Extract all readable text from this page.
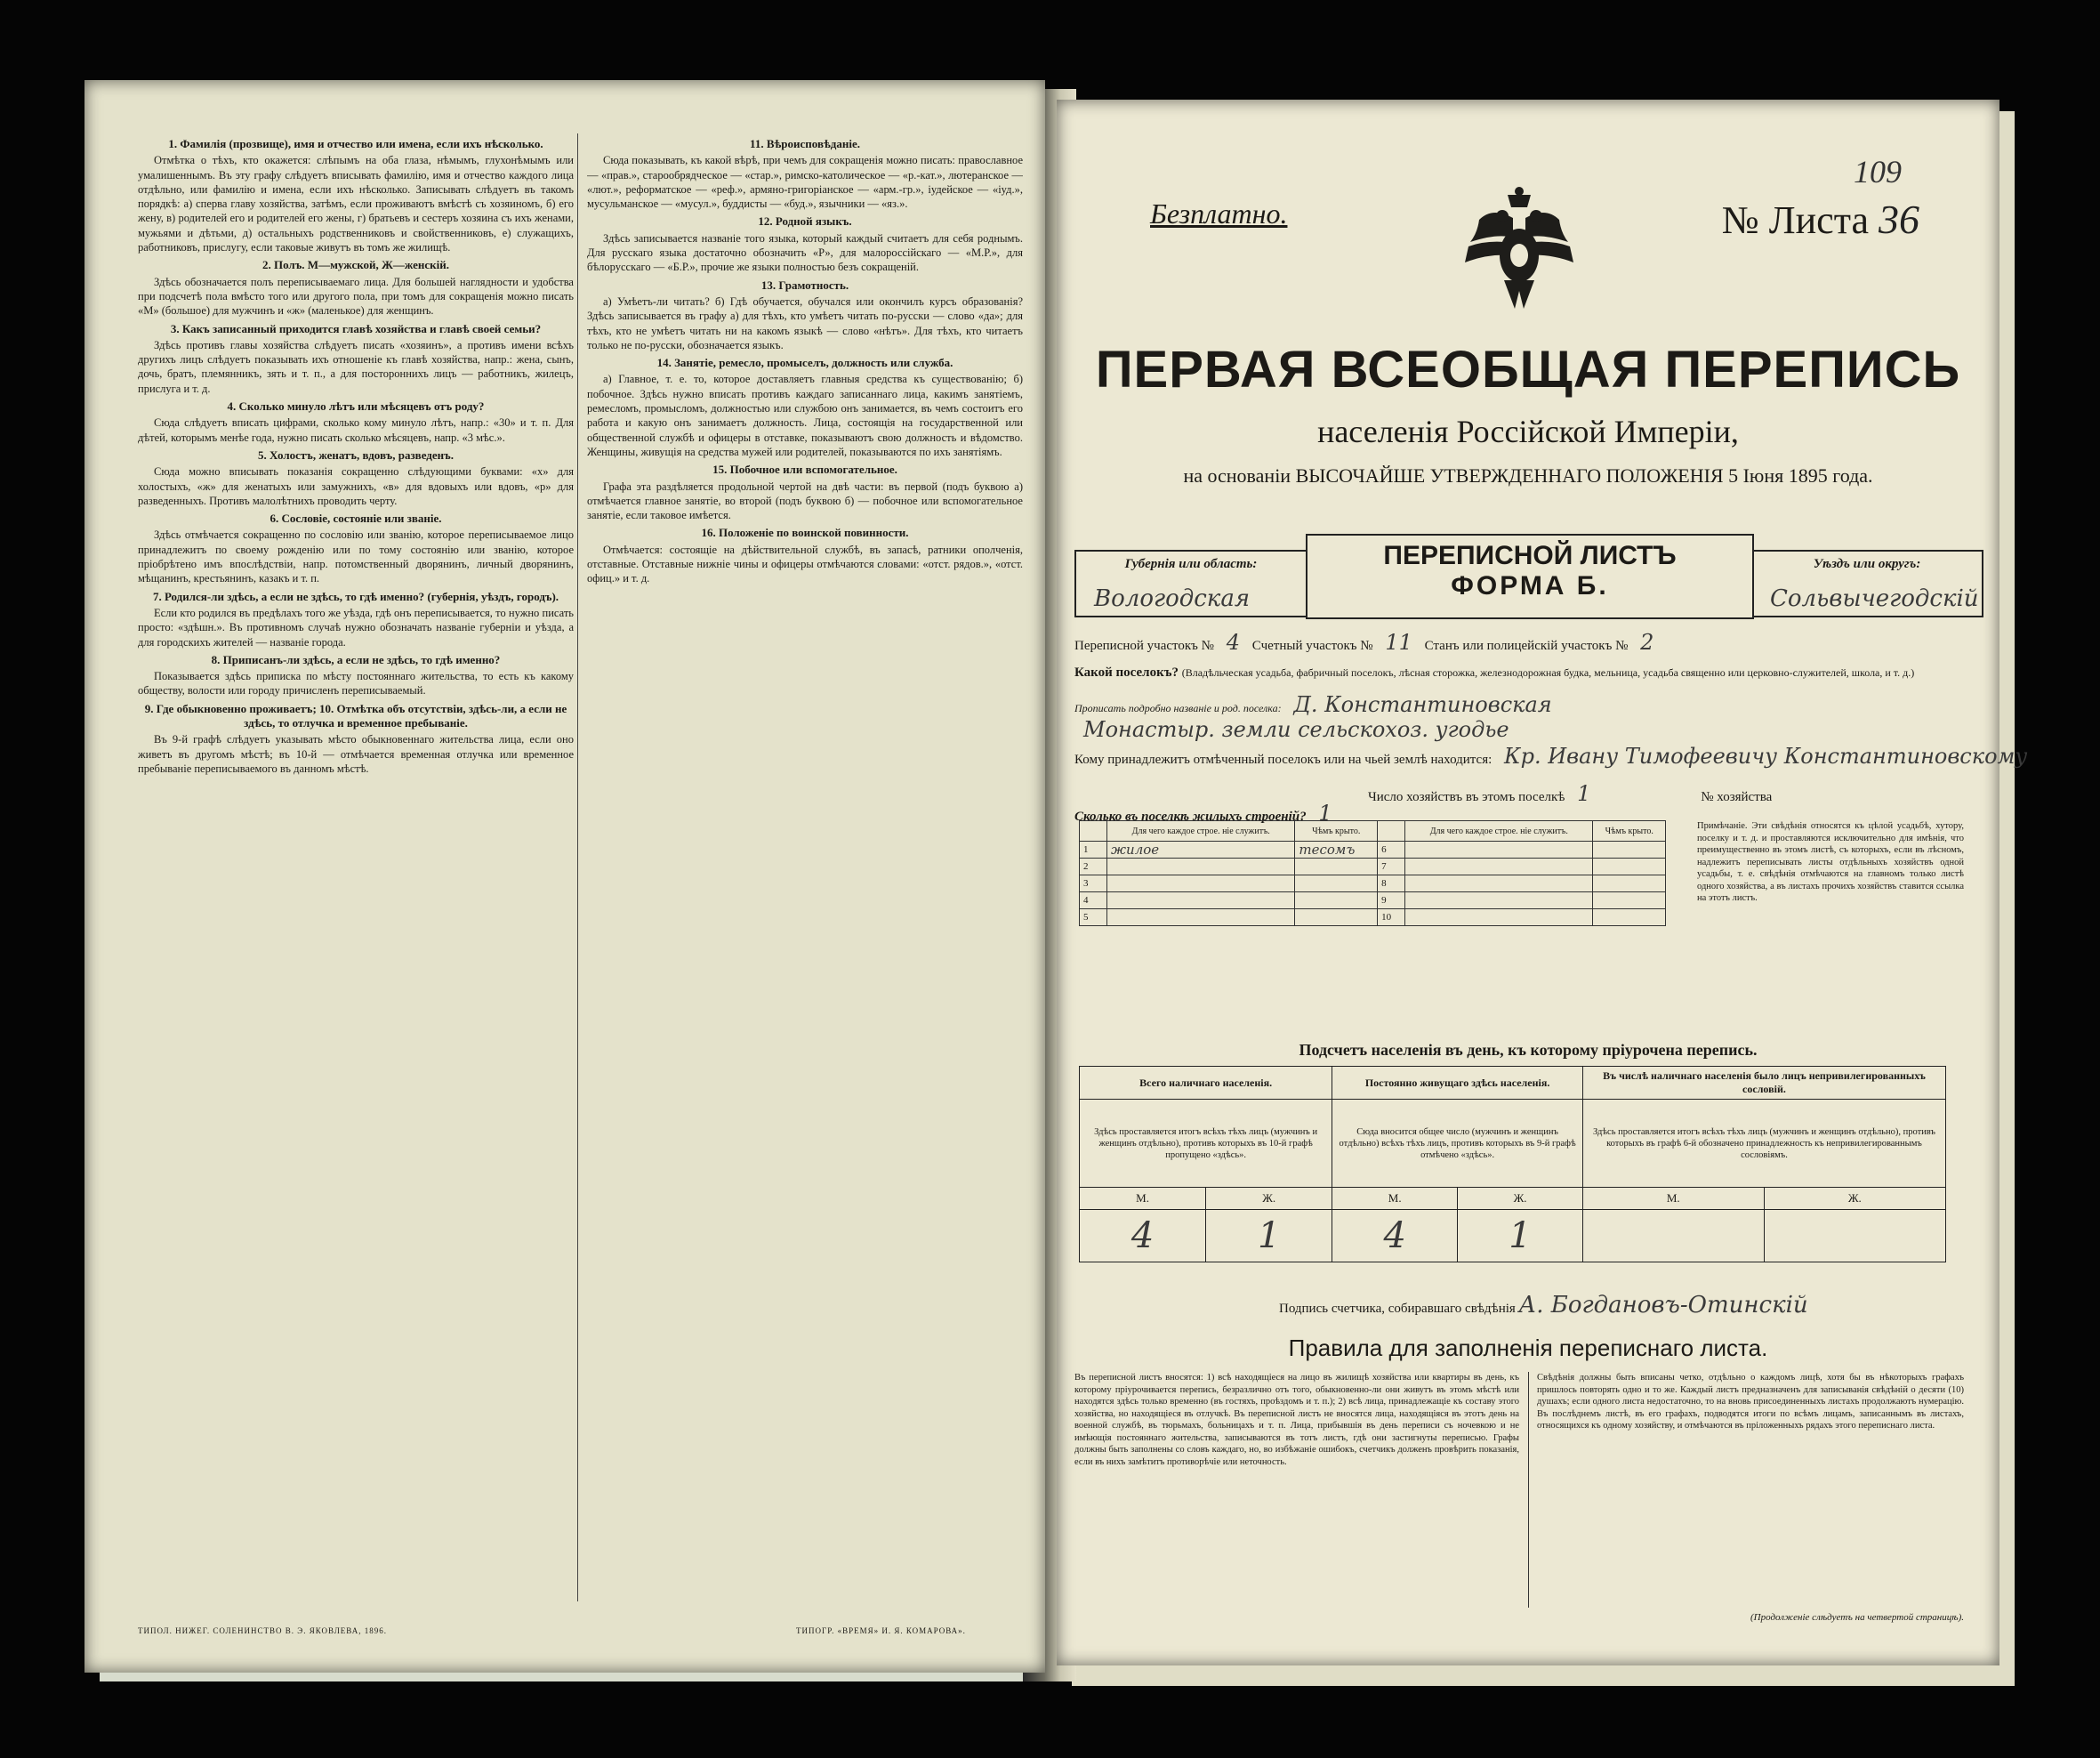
1. Фамилія (прозвище), имя и отчество или имена, если ихъ нѣсколько.

Отмѣтка о тѣхъ, кто окажется: слѣпымъ на оба глаза, нѣмымъ, глухонѣмымъ или умалишеннымъ. Въ эту графу слѣдуетъ вписывать фамилію, имя и отчество каждого лица отдѣльно, или фамилію и имена, если ихъ нѣсколько. Записывать слѣдуетъ въ такомъ порядкѣ: а) сперва главу хозяйства, затѣмъ, если проживаютъ вмѣстѣ съ хозяиномъ, б) его жену, в) родителей его и родителей его жены, г) братьевъ и сестеръ хозяина съ ихъ женами, мужьями и дѣтьми, д) остальныхъ родственниковъ и свойственниковъ, е) служащихъ, работниковъ, прислугу, если таковые живутъ въ томъ же жилищѣ.

2. Полъ. М—мужской, Ж—женскій.

Здѣсь обозначается полъ переписываемаго лица. Для большей наглядности и удобства при подсчетѣ пола вмѣсто того или другого пола, при томъ для сокращенія можно писать «М» (большое) для мужчинъ и «ж» (маленькое) для женщинъ.

3. Какъ записанный приходится главѣ хозяйства и главѣ своей семьи?

Здѣсь противъ главы хозяйства слѣдуетъ писать «хозяинъ», а противъ имени всѣхъ другихъ лицъ слѣдуетъ показывать ихъ отношеніе къ главѣ хозяйства, напр.: жена, сынъ, дочь, братъ, племянникъ, зять и т. п., а для постороннихъ лицъ — работникъ, жилецъ, прислуга и т. д.

4. Сколько минуло лѣтъ или мѣсяцевъ отъ роду?

Сюда слѣдуетъ вписать цифрами, сколько кому минуло лѣтъ, напр.: «30» и т. п. Для дѣтей, которымъ менѣе года, нужно писать сколько мѣсяцевъ, напр. «3 мѣс.».

5. Холостъ, женатъ, вдовъ, разведенъ.

Сюда можно вписывать показанія сокращенно слѣдующими буквами: «х» для холостыхъ, «ж» для женатыхъ или замужнихъ, «в» для вдовыхъ или вдовъ, «р» для разведенныхъ. Противъ малолѣтнихъ проводить черту.

6. Сословіе, состояніе или званіе.

Здѣсь отмѣчается сокращенно по сословію или званію, которое переписываемое лицо принадлежитъ по своему рожденію или по тому состоянію или званію, которое пріобрѣтено имъ впослѣдствіи, напр. потомственный дворянинъ, личный дворянинъ, мѣщанинъ, крестьянинъ, казакъ и т. п.

7. Родился-ли здѣсь, а если не здѣсь, то гдѣ именно? (губернія, уѣздъ, городъ).

Если кто родился въ предѣлахъ того же уѣзда, гдѣ онъ переписывается, то нужно писать просто: «здѣшн.». Въ противномъ случаѣ нужно обозначать названіе губерніи и уѣзда, а для городскихъ жителей — названіе города.

8. Приписанъ-ли здѣсь, а если не здѣсь, то гдѣ именно?

Показывается здѣсь приписка по мѣсту постояннаго жительства, то есть къ какому обществу, волости или городу причисленъ переписываемый.

9. Где обыкновенно проживаетъ; 10. Отмѣтка объ отсутствіи, здѣсь-ли, а если не здѣсь, то отлучка и временное пребываніе.

Въ 9-й графѣ слѣдуетъ указывать мѣсто обыкновеннаго жительства лица, если оно живетъ въ другомъ мѣстѣ; въ 10-й — отмѣчается временная отлучка или временное пребываніе переписываемого въ данномъ мѣстѣ.

11. Вѣроисповѣданіе.

Сюда показывать, къ какой вѣрѣ, при чемъ для сокращенія можно писать: православное — «прав.», старообрядческое — «стар.», римско-католическое — «р.-кат.», лютеранское — «лют.», реформатское — «реф.», армяно-григоріанское — «арм.-гр.», іудейское — «іуд.», мусульманское — «мусул.», буддисты — «буд.», язычники — «яз.».

12. Родной языкъ.

Здѣсь записывается названіе того языка, который каждый считаетъ для себя роднымъ. Для русскаго языка достаточно обозначить «Р», для малороссійскаго — «М.Р.», для бѣлорусскаго — «Б.Р.», прочие же языки полностью безъ сокращеній.

13. Грамотность.

а) Умѣетъ-ли читать? б) Гдѣ обучается, обучался или окончилъ курсъ образованія? Здѣсь записывается въ графу а) для тѣхъ, кто умѣетъ читать по-русски — слово «да»; для тѣхъ, кто не умѣетъ читать ни на какомъ языкѣ — слово «нѣтъ». Для тѣхъ, кто читаетъ только не по-русски, обозначается языкъ.

14. Занятіе, ремесло, промыселъ, должность или служба.

а) Главное, т. е. то, которое доставляетъ главныя средства къ существованію; б) побочное. Здѣсь нужно вписать противъ каждаго записаннаго лица, какимъ занятіемъ, ремесломъ, промысломъ, должностью или службою онъ занимается, въ чемъ состоитъ его работа и какую онъ занимаетъ должность. Лица, состоящія на государственной или общественной службѣ и офицеры в отставке, показываютъ свою должность и вѣдомство. Женщины, живущія на средства мужей или родителей, показываются по ихъ занятіямъ.

15. Побочное или вспомогательное.

Графа эта раздѣляется продольной чертой на двѣ части: въ первой (подъ буквою а) отмѣчается главное занятіе, во второй (подъ буквою б) — побочное или вспомогательное занятіе, если таковое имѣется.

16. Положеніе по воинской повинности.

Отмѣчается: состоящіе на дѣйствительной службѣ, въ запасѣ, ратники ополченія, отставные. Отставные нижніе чины и офицеры отмѣчаются словами: «отст. рядов.», «отст. офиц.» и т. д.

ТИПОЛ. НИЖЕГ. СОЛЕНИНСТВО В. Э. ЯКОВЛЕВА, 1896.	ТИПОГР. «ВРЕМЯ» И. Я. КОМАРОВА».
Безплатно.
109
№ Листа 36
ПЕРВАЯ ВСЕОБЩАЯ ПЕРЕПИСЬ
населенія Россійской Имперіи,
на основаніи ВЫСОЧАЙШЕ УТВЕРЖДЕННАГО ПОЛОЖЕНІЯ 5 Іюня 1895 года.
Губернія или область:
Вологодская
ПЕРЕПИСНОЙ ЛИСТЪ
ФОРМА Б.
Уѣздъ или округъ:
Сольвычегодскій
Переписной участокъ № 4 Счетный участокъ № 11 Станъ или полицейскій участокъ № 2
Какой поселокъ? (Владѣльческая усадьба, фабричный поселокъ, лѣсная сторожка, железнодорожная будка, мельница, усадьба священно или церковно-служителей, школа, и т. д.)
Прописать подробно названіе и род. поселка: Д. Константиновская
Монастыр. земли сельскохоз. угодье
Кому принадлежитъ отмѣченный поселокъ или на чьей землѣ находится: Кр. Ивану Тимофеевичу Константиновскому
Число хозяйствъ въ этомъ поселкѣ 1	№ хозяйства
Сколько въ поселкѣ жилыхъ строеній? 1
	Для чего каждое строе. ніе служитъ.	Чѣмъ крыто.		Для чего каждое строе. ніе служитъ.	Чѣмъ крыто.
1	жилое	тесомъ	6		
2			7		
3			8		
4			9		
5			10		
Примѣчаніе. Эти свѣдѣнія относятся къ цѣлой усадьбѣ, хутору, поселку и т. д. и проставляются исключительно для имѣнія, что преимущественно въ этомъ листѣ, съ которыхъ, если въ лѣсномъ, надлежитъ переписывать листы отдѣльныхъ хозяйствъ одной усадьбы, т. е. свѣдѣнія отмѣчаются на главномъ только листѣ одного хозяйства, а въ листахъ прочихъ хозяйствъ ставится ссылка на этотъ листъ.
Подсчетъ населенія въ день, къ которому пріурочена перепись.
Всего наличнаго населенія.		Постоянно живущаго здѣсь населенія.		Въ числѣ наличнаго населенія было лицъ непривилегированныхъ сословій.	
Здѣсь проставляется итогъ всѣхъ тѣхъ лицъ (мужчинъ и женщинъ отдѣльно), противъ которыхъ въ 10-й графѣ пропущено «здѣсь».		Сюда вносится общее число (мужчинъ и женщинъ отдѣльно) всѣхъ тѣхъ лицъ, противъ которыхъ въ 9-й графѣ отмѣчено «здѣсь».		Здѣсь проставляется итогъ всѣхъ тѣхъ лицъ (мужчинъ и женщинъ отдѣльно), противъ которыхъ въ графѣ 6-й обозначено принадлежность къ непривилегированнымъ сословіямъ.	
М.	Ж.	М.	Ж.	М.	Ж.
4	1	4	1		
Подпись счетчика, собиравшаго свѣдѣнія А. Богдановъ-Отинскій
Правила для заполненія переписнаго листа.
Въ переписной листъ вносятся: 1) всѣ находящіеся на лицо въ жилищѣ хозяйства или квартиры въ день, къ которому пріурочивается перепись, безразлично отъ того, обыкновенно-ли они живутъ въ этомъ мѣстѣ или находятся здѣсь только временно (въ гостяхъ, проѣздомъ и т. п.); 2) всѣ лица, принадлежащіе къ составу этого хозяйства, но находящіеся въ отлучкѣ. Въ переписной листъ не вносятся лица, находящіяся въ этотъ день на военной службѣ, въ тюрьмахъ, больницахъ и т. п. Лица, прибывшія въ день переписи съ ночевкою и не имѣющія постояннаго жительства, записываются въ тотъ листъ, гдѣ они застигнуты переписью. Графы должны быть заполнены со словъ каждаго, но, во избѣжаніе ошибокъ, счетчикъ долженъ провѣрить показанія, если въ нихъ замѣтитъ противорѣчіе или неточность.
Свѣдѣнія должны быть вписаны четко, отдѣльно о каждомъ лицѣ, хотя бы въ нѣкоторыхъ графахъ пришлось повторять одно и то же. Каждый листъ предназначенъ для записыванія свѣдѣній о десяти (10) душахъ; если одного листа недостаточно, то на вновь присоединенныхъ листахъ продолжаютъ нумерацію. Въ послѣднемъ листѣ, въ его графахъ, подводятся итоги по всѣмъ лицамъ, записаннымъ въ листахъ, относящихся къ одному хозяйству, и отмѣчаются въ пріложенныхъ рядахъ этого переписнаго листа.
(Продолженіе слѣдуетъ на четвертой страницѣ).
